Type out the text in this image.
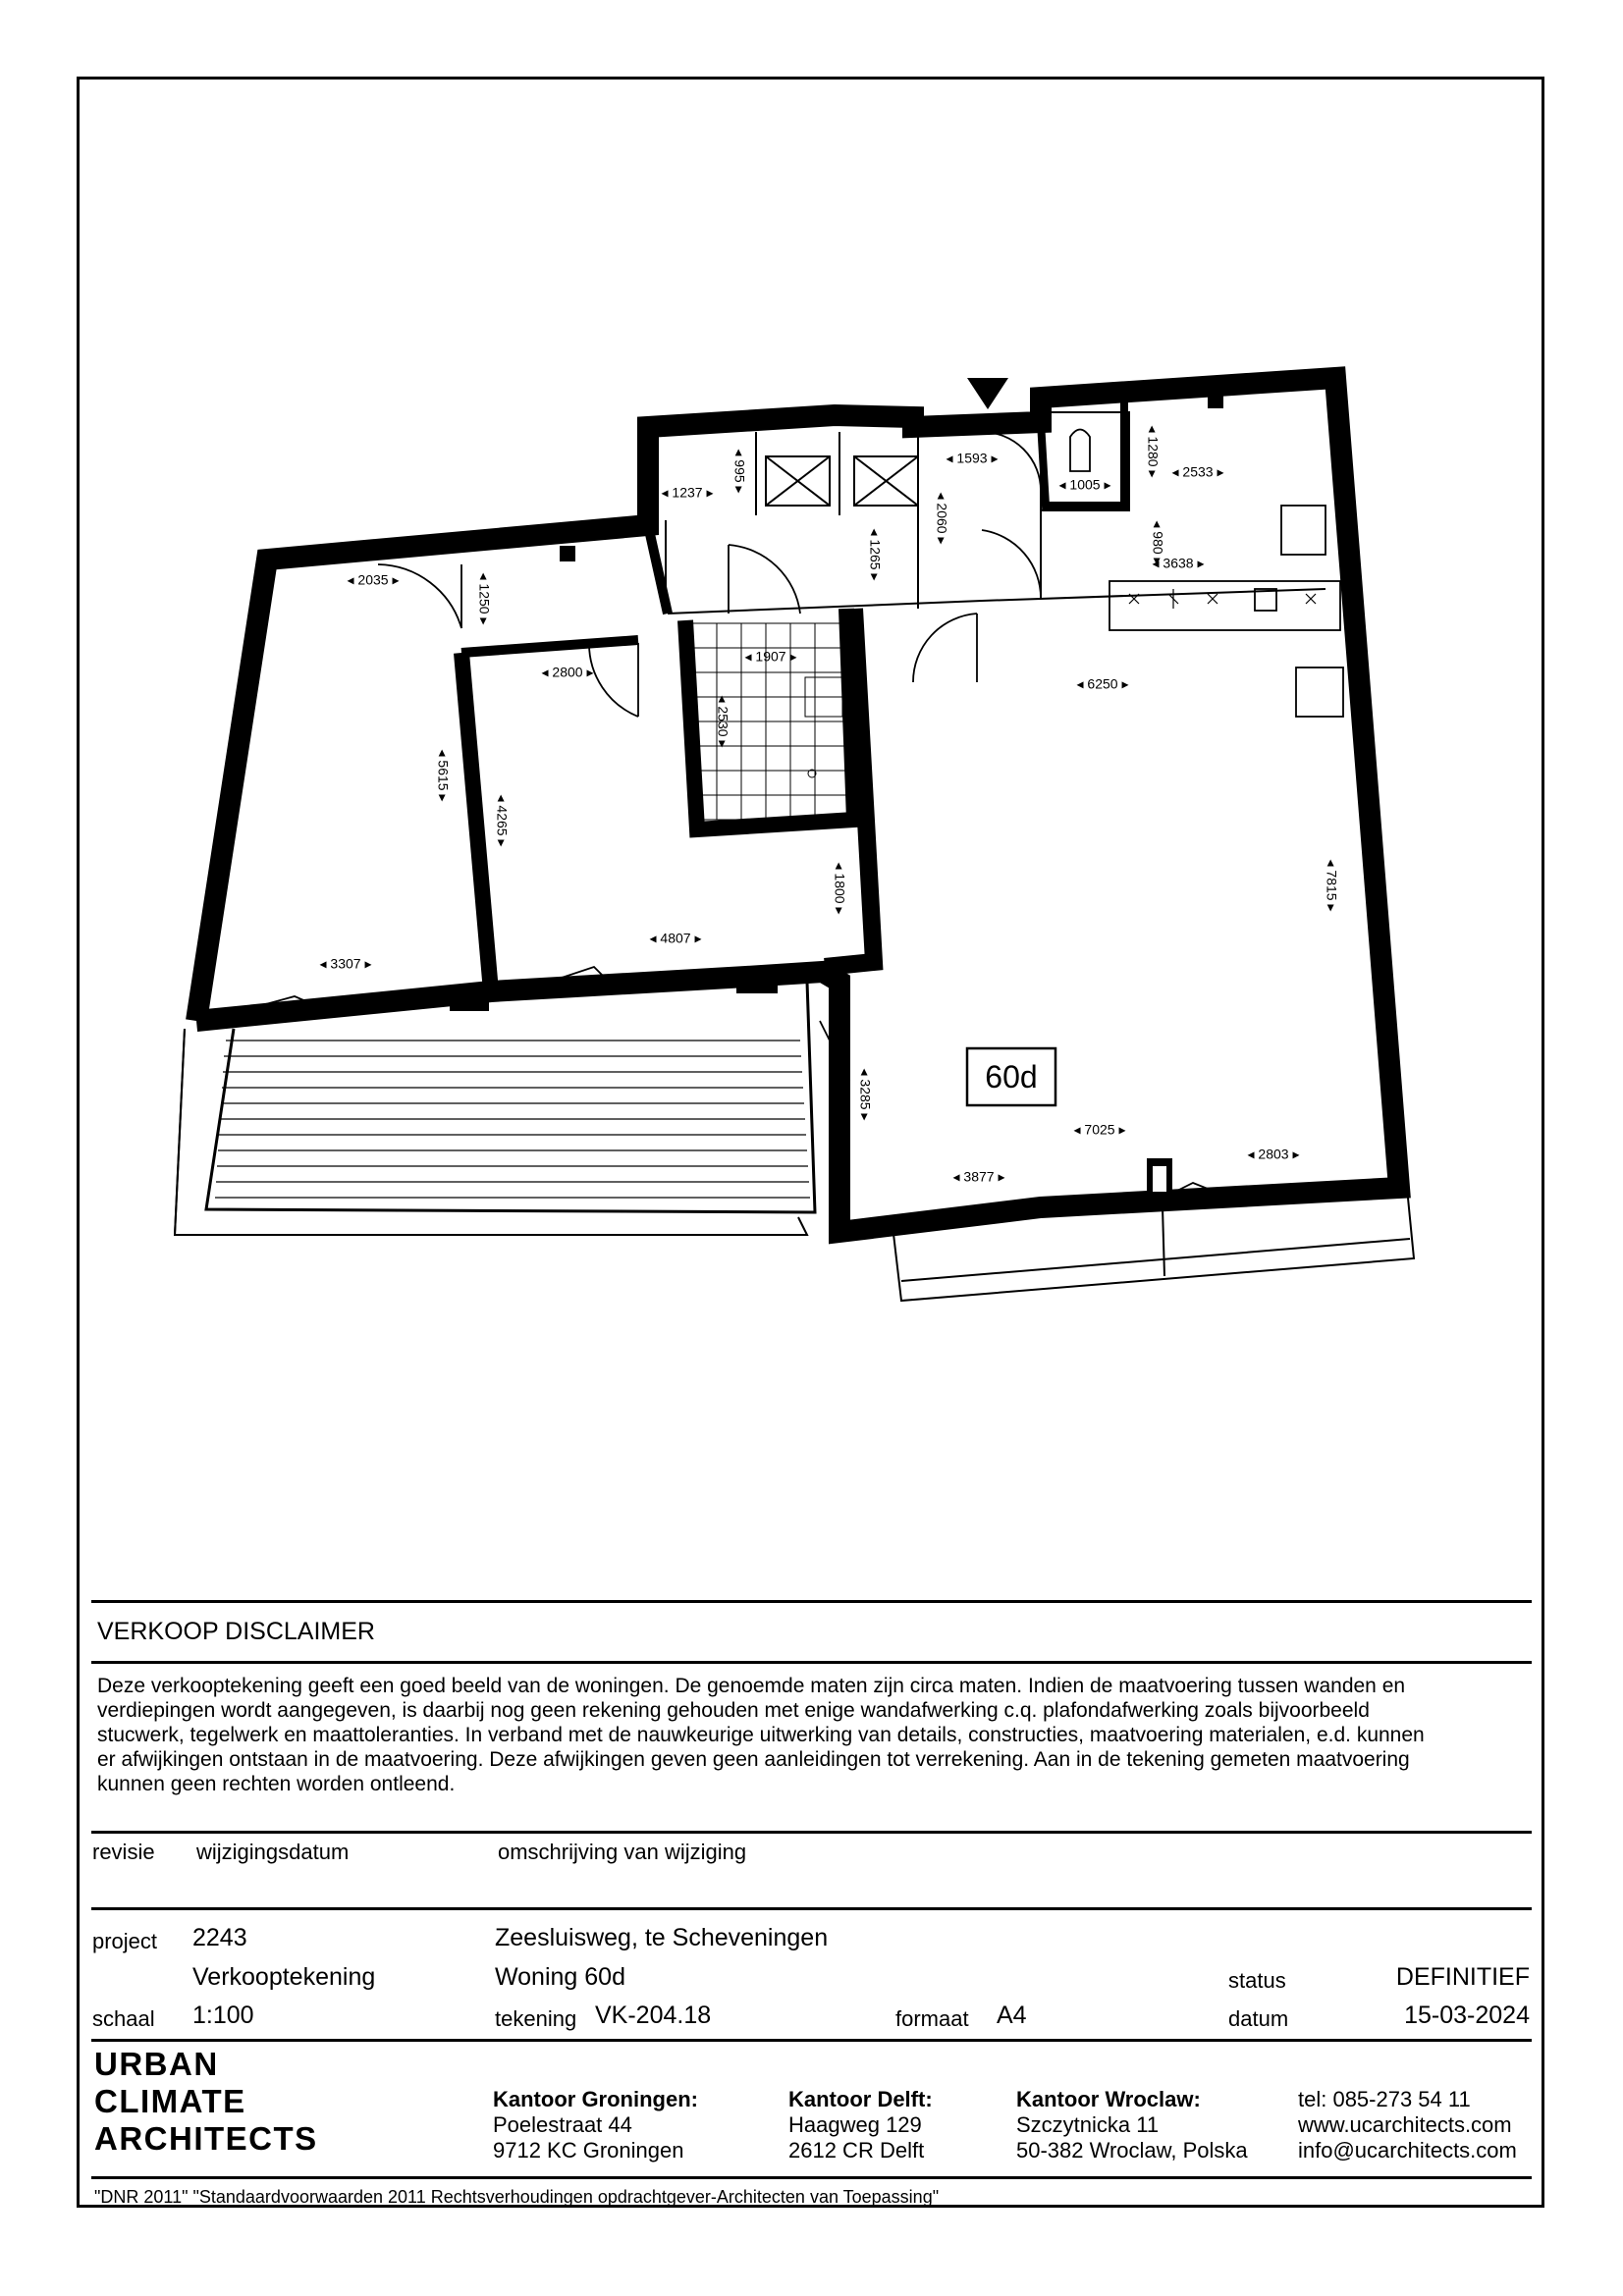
◂ 2035 ▸	◂ 1250 ▸
◂ 1237 ▸ ◂ 995 ▸	◂ 1593 ▸
◂ 2060 ▸
◂ 1265 ▸
◂ 1005 ▸
◂ 1280 ▸ ◂ 2533 ▸
◂ 980 ▸
◂ 3638 ▸
◂ 2800 ▸
◂ 1907 ▸
◂ 2530 ▸
◂ 6250 ▸
◂ 5615 ▸
◂ 4265 ▸
◂ 1800 ▸	◂ 7815 ▸
◂ 4807 ▸
◂ 3307 ▸
◂ 3285 ▸
◂ 7025 ▸
◂ 3877 ▸
◂ 2803 ▸
60d
VERKOOP DISCLAIMER
Deze verkooptekening geeft een goed beeld van de woningen. De genoemde maten zijn circa maten. Indien de maatvoering tussen wanden en
verdiepingen wordt aangegeven, is daarbij nog geen rekening gehouden met enige wandafwerking c.q. plafondafwerking zoals bijvoorbeeld
stucwerk, tegelwerk en maattoleranties. In verband met de nauwkeurige uitwerking van details, constructies, maatvoering materialen, e.d. kunnen
er afwijkingen ontstaan in de maatvoering. Deze afwijkingen geven geen aanleidingen tot verrekening. Aan in de tekening gemeten maatvoering
kunnen geen rechten worden ontleend.
revisie wijzigingsdatum	omschrijving van wijziging
project 2243	Zeesluisweg, te Scheveningen
Verkooptekening	Woning 60d	status	DEFINITIEF
schaal 1:100	tekening VK-204.18	formaat A4	datum	15-03-2024
URBAN
CLIMATE
ARCHITECTS
Kantoor Groningen:
Poelestraat 44
9712 KC Groningen
Kantoor Delft:
Haagweg 129
2612 CR Delft
Kantoor Wroclaw:
Szczytnicka 11
50-382 Wroclaw, Polska
tel: 085-273 54 11
www.ucarchitects.com
info@ucarchitects.com
"DNR 2011" "Standaardvoorwaarden 2011 Rechtsverhoudingen opdrachtgever-Architecten van Toepassing"
